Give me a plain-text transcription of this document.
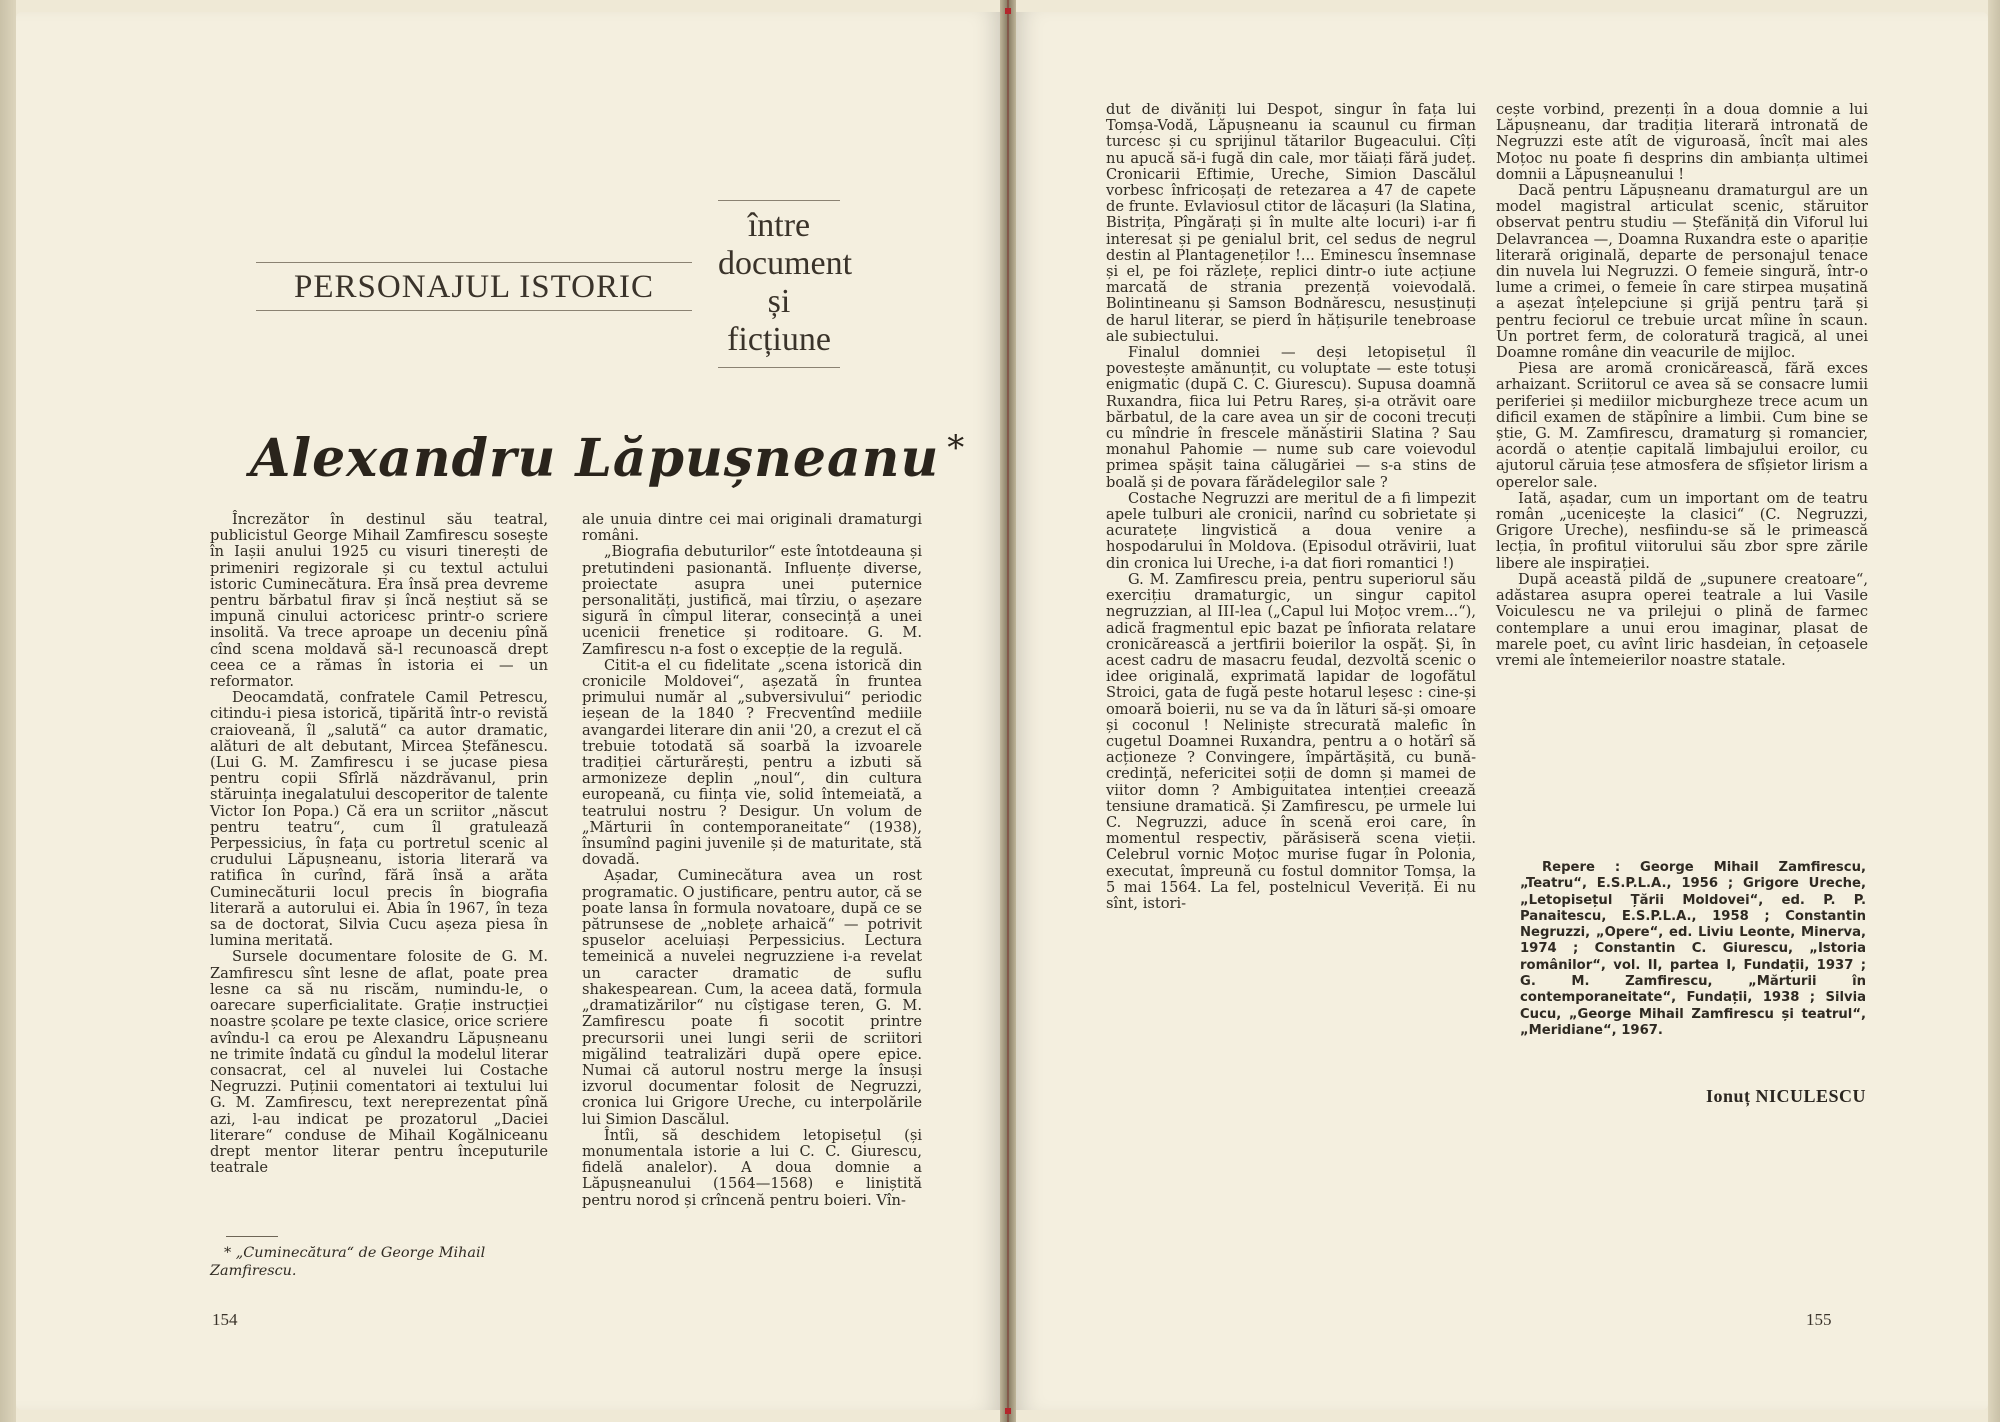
PERSONAJUL ISTORIC
între
document
și
ficțiune
Alexandru Lăpușneanu *

Încrezător în destinul său teatral, publicistul George Mihail Zamfirescu sosește în Iașii anului 1925 cu visuri tinerești de primeniri regizorale și cu textul actului istoric Cuminecătura. Era însă prea devreme pentru bărbatul firav și încă neștiut să se impună cinului actoricesc printr-o scriere insolită. Va trece aproape un deceniu pînă cînd scena moldavă să-l recunoască drept ceea ce a rămas în istoria ei — un reformator.

Deocamdată, confratele Camil Petrescu, citindu-i piesa istorică, tipărită într-o revistă craioveană, îl „salută“ ca autor dramatic, alături de alt debutant, Mircea Ștefănescu. (Lui G. M. Zamfirescu i se jucase piesa pentru copii Sfîrlă năzdrăvanul, prin stăruința inegalatului descoperitor de talente Victor Ion Popa.) Că era un scriitor „născut pentru teatru“, cum îl gratulează Perpessicius, în fața cu portretul scenic al crudului Lăpușneanu, istoria literară va ratifica în curînd, fără însă a arăta Cuminecăturii locul precis în biografia literară a autorului ei. Abia în 1967, în teza sa de doctorat, Silvia Cucu așeza piesa în lumina meritată.

Sursele documentare folosite de G. M. Zamfirescu sînt lesne de aflat, poate prea lesne ca să nu riscăm, numindu-le, o oarecare superficialitate. Grație instrucției noastre școlare pe texte clasice, orice scriere avîndu-l ca erou pe Alexandru Lăpușneanu ne trimite îndată cu gîndul la modelul literar consacrat, cel al nuvelei lui Costache Negruzzi. Puținii comentatori ai textului lui G. M. Zamfirescu, text nereprezentat pînă azi, l-au indicat pe prozatorul „Daciei literare“ conduse de Mihail Kogălniceanu drept mentor literar pentru începuturile teatrale

ale unuia dintre cei mai originali dramaturgi români.

„Biografia debuturilor“ este întotdeauna și pretutindeni pasionantă. Influențe diverse, proiectate asupra unei puternice personalități, justifică, mai tîrziu, o așezare sigură în cîmpul literar, consecință a unei ucenicii frenetice și roditoare. G. M. Zamfirescu n-a fost o excepție de la regulă.

Citit-a el cu fidelitate „scena istorică din cronicile Moldovei“, așezată în fruntea primului număr al „subversivului“ periodic ieșean de la 1840 ? Frecventînd mediile avangardei literare din anii '20, a crezut el că trebuie totodată să soarbă la izvoarele tradiției cărturărești, pentru a izbuti să armonizeze deplin „noul“, din cultura europeană, cu ființa vie, solid întemeiată, a teatrului nostru ? Desigur. Un volum de „Mărturii în contemporaneitate“ (1938), însumînd pagini juvenile și de maturitate, stă dovadă.

Așadar, Cuminecătura avea un rost programatic. O justificare, pentru autor, că se poate lansa în formula novatoare, după ce se pătrunsese de „noblețe arhaică“ — potrivit spuselor aceluiași Perpessicius. Lectura temeinică a nuvelei negruzziene i-a revelat un caracter dramatic de suflu shakespearean. Cum, la aceea dată, formula „dramatizărilor“ nu cîștigase teren, G. M. Zamfirescu poate fi socotit printre precursorii unei lungi serii de scriitori migălind teatralizări după opere epice. Numai că autorul nostru merge la însuși izvorul documentar folosit de Negruzzi, cronica lui Grigore Ureche, cu interpolările lui Simion Dascălul.

Întîi, să deschidem letopisețul (și monumentala istorie a lui C. C. Giurescu, fidelă analelor). A doua domnie a Lăpușneanului (1564—1568) e liniștită pentru norod și crîncenă pentru boieri. Vîn-

* „Cuminecătura“ de George Mihail Zamfirescu.
154

dut de divăniți lui Despot, singur în fața lui Tomșa-Vodă, Lăpușneanu ia scaunul cu firman turcesc și cu sprijinul tătarilor Bugeacului. Cîți nu apucă să-i fugă din cale, mor tăiați fără județ. Cronicarii Eftimie, Ureche, Simion Dascălul vorbesc înfricoșați de retezarea a 47 de capete de frunte. Evlaviosul ctitor de lăcașuri (la Slatina, Bistrița, Pîngărați și în multe alte locuri) i-ar fi interesat și pe genialul brit, cel sedus de negrul destin al Plantageneților !... Eminescu însemnase și el, pe foi răzlețe, replici dintr-o iute acțiune marcată de strania prezență voievodală. Bolintineanu și Samson Bodnărescu, nesusținuți de harul literar, se pierd în hățișurile tenebroase ale subiectului.

Finalul domniei — deși letopisețul îl povestește amănunțit, cu voluptate — este totuși enigmatic (după C. C. Giurescu). Supusa doamnă Ruxandra, fiica lui Petru Rareș, și-a otrăvit oare bărbatul, de la care avea un șir de coconi trecuți cu mîndrie în frescele mănăstirii Slatina ? Sau monahul Pahomie — nume sub care voievodul primea spășit taina călugăriei — s-a stins de boală și de povara fărădelegilor sale ?

Costache Negruzzi are meritul de a fi limpezit apele tulburi ale cronicii, narînd cu sobrietate și acuratețe lingvistică a doua venire a hospodarului în Moldova. (Episodul otrăvirii, luat din cronica lui Ureche, i-a dat fiori romantici !)

G. M. Zamfirescu preia, pentru superiorul său exercițiu dramaturgic, un singur capitol negruzzian, al III-lea („Capul lui Moțoc vrem...“), adică fragmentul epic bazat pe înfiorata relatare cronicărească a jertfirii boierilor la ospăț. Și, în acest cadru de masacru feudal, dezvoltă scenic o idee originală, exprimată lapidar de logofătul Stroici, gata de fugă peste hotarul leșesc : cine-și omoară boierii, nu se va da în lături să-și omoare și coconul ! Neliniște strecurată malefic în cugetul Doamnei Ruxandra, pentru a o hotărî să acționeze ? Convingere, împărtășită, cu bună-credință, nefericitei soții de domn și mamei de viitor domn ? Ambiguitatea intenției creează tensiune dramatică. Și Zamfirescu, pe urmele lui C. Negruzzi, aduce în scenă eroi care, în momentul respectiv, părăsiseră scena vieții. Celebrul vornic Moțoc murise fugar în Polonia, executat, împreună cu fostul domnitor Tomșa, la 5 mai 1564. La fel, postelnicul Veveriță. Ei nu sînt, istori-

cește vorbind, prezenți în a doua domnie a lui Lăpușneanu, dar tradiția literară intronată de Negruzzi este atît de viguroasă, încît mai ales Moțoc nu poate fi desprins din ambianța ultimei domnii a Lăpușneanului !

Dacă pentru Lăpușneanu dramaturgul are un model magistral articulat scenic, stăruitor observat pentru studiu — Ștefăniță din Viforul lui Delavrancea —, Doamna Ruxandra este o apariție literară originală, departe de personajul tenace din nuvela lui Negruzzi. O femeie singură, într-o lume a crimei, o femeie în care stirpea mușatină a așezat înțelepciune și grijă pentru țară și pentru feciorul ce trebuie urcat mîine în scaun. Un portret ferm, de coloratură tragică, al unei Doamne române din veacurile de mijloc.

Piesa are aromă cronicărească, fără exces arhaizant. Scriitorul ce avea să se consacre lumii periferiei și mediilor micburgheze trece acum un dificil examen de stăpînire a limbii. Cum bine se știe, G. M. Zamfirescu, dramaturg și romancier, acordă o atenție capitală limbajului eroilor, cu ajutorul căruia țese atmosfera de sfîșietor lirism a operelor sale.

Iată, așadar, cum un important om de teatru român „ucenicește la clasici“ (C. Negruzzi, Grigore Ureche), nesfiindu-se să le primească lecția, în profitul viitorului său zbor spre zările libere ale inspirației.

După această pildă de „supunere creatoare“, adăstarea asupra operei teatrale a lui Vasile Voiculescu ne va prilejui o plină de farmec contemplare a unui erou imaginar, plasat de marele poet, cu avînt liric hasdeian, în cețoasele vremi ale întemeierilor noastre statale.

Repere : George Mihail Zamfirescu, „Teatru“, E.S.P.L.A., 1956 ; Grigore Ureche, „Letopisețul Țării Moldovei“, ed. P. P. Panaitescu, E.S.P.L.A., 1958 ; Constantin Negruzzi, „Opere“, ed. Liviu Leonte, Minerva, 1974 ; Constantin C. Giurescu, „Istoria românilor“, vol. II, partea I, Fundații, 1937 ; G. M. Zamfirescu, „Mărturii în contemporaneitate“, Fundații, 1938 ; Silvia Cucu, „George Mihail Zamfirescu și teatrul“, „Meridiane“, 1967.
Ionuț NICULESCU
155
